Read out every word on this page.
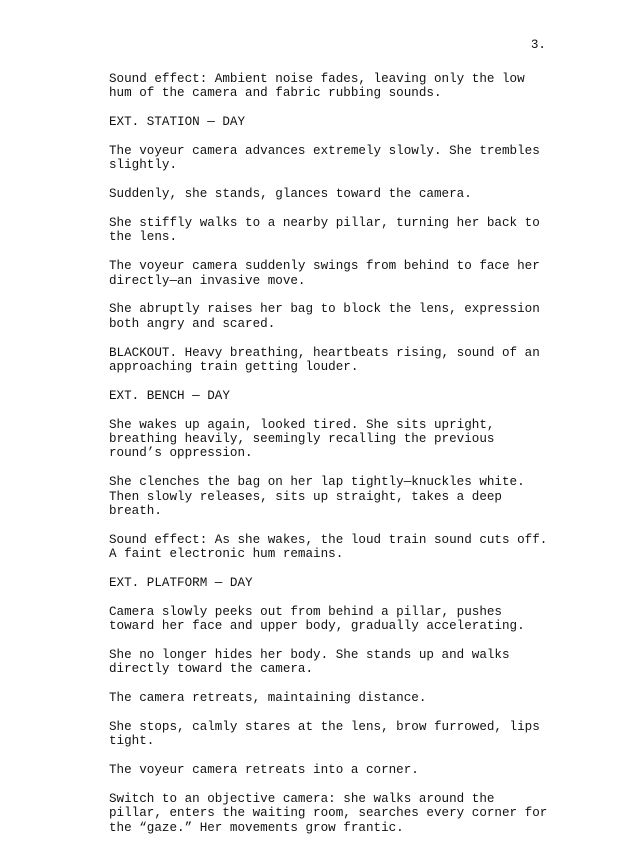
3.

Sound effect: Ambient noise fades, leaving only the low hum of the camera and fabric rubbing sounds.

EXT. STATION — DAY

The voyeur camera advances extremely slowly. She trembles slightly.

Suddenly, she stands, glances toward the camera.

She stiffly walks to a nearby pillar, turning her back to the lens.

The voyeur camera suddenly swings from behind to face her directly—an invasive move.

She abruptly raises her bag to block the lens, expression both angry and scared.

BLACKOUT. Heavy breathing, heartbeats rising, sound of an approaching train getting louder.

EXT. BENCH — DAY

She wakes up again, looked tired. She sits upright, breathing heavily, seemingly recalling the previous round’s oppression.

She clenches the bag on her lap tightly—knuckles white. Then slowly releases, sits up straight, takes a deep breath.

Sound effect: As she wakes, the loud train sound cuts off. A faint electronic hum remains.

EXT. PLATFORM — DAY

Camera slowly peeks out from behind a pillar, pushes toward her face and upper body, gradually accelerating.

She no longer hides her body. She stands up and walks directly toward the camera.

The camera retreats, maintaining distance.

She stops, calmly stares at the lens, brow furrowed, lips tight.

The voyeur camera retreats into a corner.

Switch to an objective camera: she walks around the pillar, enters the waiting room, searches every corner for the “gaze.” Her movements grow frantic.
